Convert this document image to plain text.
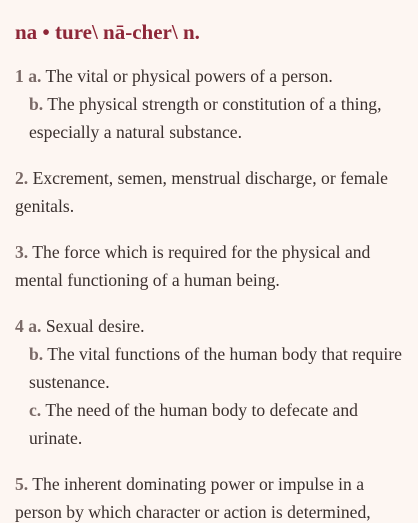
na • ture\ nā-cher\ n.
1 a. The vital or physical powers of a person.
b. The physical strength or constitution of a thing, especially a natural substance.
2. Excrement, semen, menstrual discharge, or female genitals.
3. The force which is required for the physical and mental functioning of a human being.
4 a. Sexual desire.
b. The vital functions of the human body that require sustenance.
c. The need of the human body to defecate and urinate.
5. The inherent dominating power or impulse in a person by which character or action is determined,
